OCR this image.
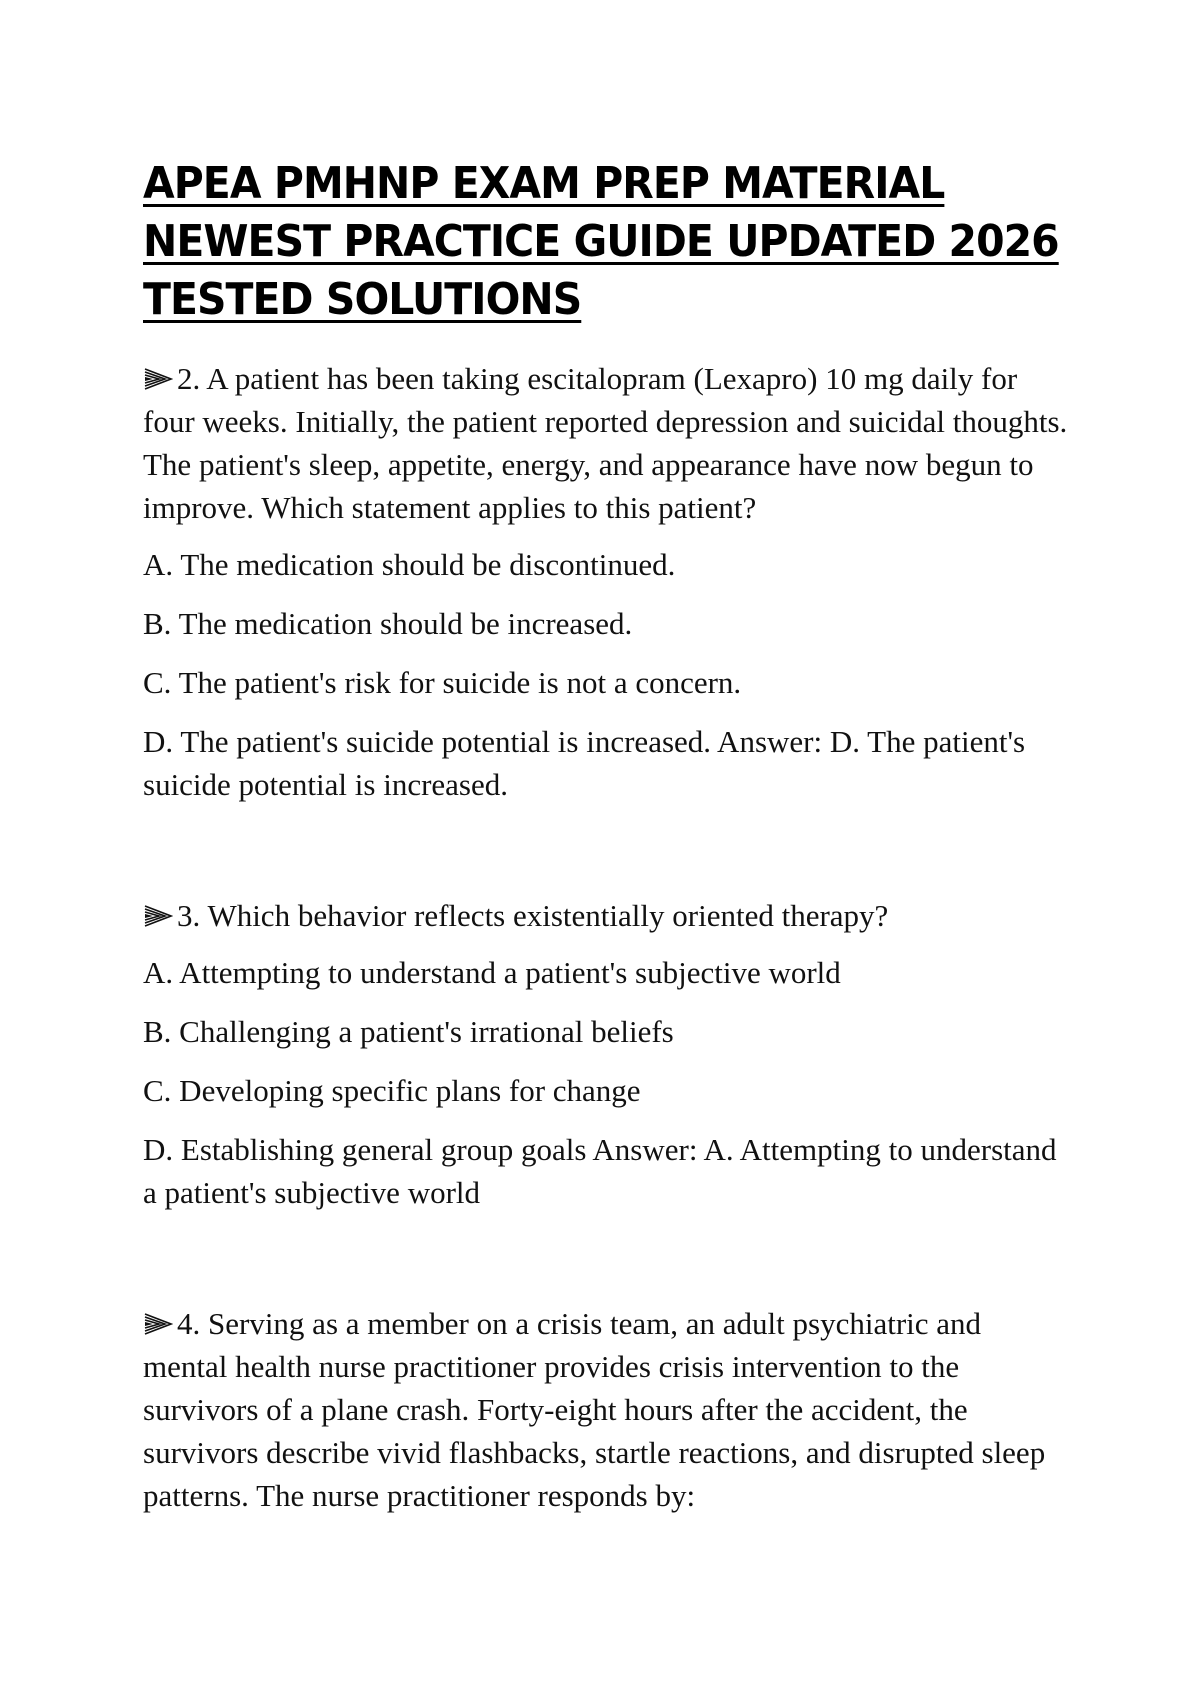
APEA PMHNP EXAM PREP MATERIAL
NEWEST PRACTICE GUIDE UPDATED 2026
TESTED SOLUTIONS

2. A patient has been taking escitalopram (Lexapro) 10 mg daily for four weeks. Initially, the patient reported depression and suicidal thoughts. The patient's sleep, appetite, energy, and appearance have now begun to improve. Which statement applies to this patient?

A. The medication should be discontinued.

B. The medication should be increased.

C. The patient's risk for suicide is not a concern.

D. The patient's suicide potential is increased. Answer: D. The patient's suicide potential is increased.

3. Which behavior reflects existentially oriented therapy?

A. Attempting to understand a patient's subjective world

B. Challenging a patient's irrational beliefs

C. Developing specific plans for change

D. Establishing general group goals Answer: A. Attempting to understand a patient's subjective world

4. Serving as a member on a crisis team, an adult psychiatric and mental health nurse practitioner provides crisis intervention to the survivors of a plane crash. Forty-eight hours after the accident, the survivors describe vivid flashbacks, startle reactions, and disrupted sleep patterns. The nurse practitioner responds by:
